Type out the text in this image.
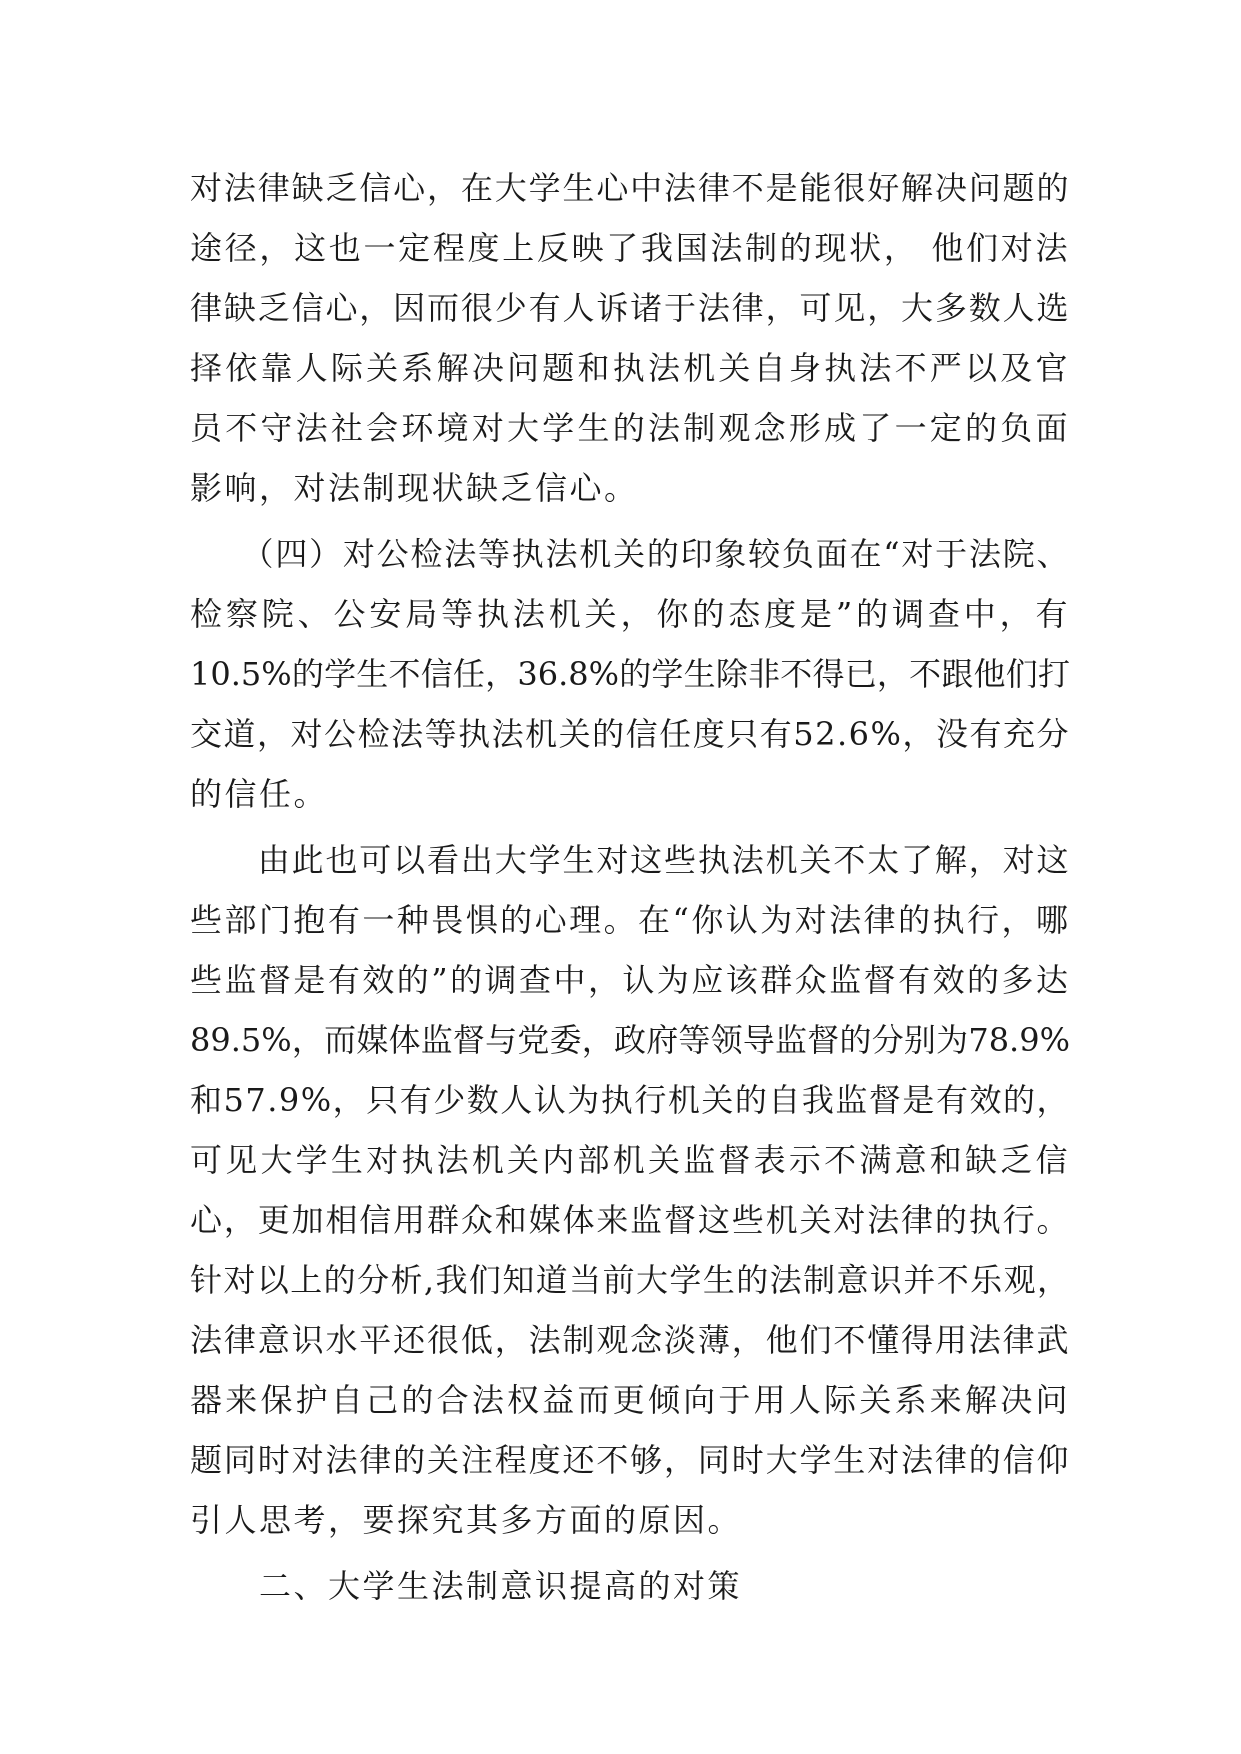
对法律缺乏信心，在大学生心中法律不是能很好解决问题的
途径，这也一定程度上反映了我国法制的现状， 他们对法
律缺乏信心，因而很少有人诉诸于法律，可见，大多数人选
择依靠人际关系解决问题和执法机关自身执法不严以及官
员不守法社会环境对大学生的法制观念形成了一定的负面
影响，对法制现状缺乏信心。
　　（四）对公检法等执法机关的印象较负面在“对于法院、
检察院、公安局等执法机关，你的态度是”的调查中，有
10.5%的学生不信任，36.8%的学生除非不得已，不跟他们打
交道，对公检法等执法机关的信任度只有52.6%，没有充分
的信任。
　　由此也可以看出大学生对这些执法机关不太了解，对这
些部门抱有一种畏惧的心理。在“你认为对法律的执行，哪
些监督是有效的”的调查中，认为应该群众监督有效的多达
89.5%，而媒体监督与党委，政府等领导监督的分别为78.9%
和57.9%，只有少数人认为执行机关的自我监督是有效的，
可见大学生对执法机关内部机关监督表示不满意和缺乏信
心，更加相信用群众和媒体来监督这些机关对法律的执行。
针对以上的分析,我们知道当前大学生的法制意识并不乐观，
法律意识水平还很低，法制观念淡薄，他们不懂得用法律武
器来保护自己的合法权益而更倾向于用人际关系来解决问
题同时对法律的关注程度还不够，同时大学生对法律的信仰
引人思考，要探究其多方面的原因。
　　二、大学生法制意识提高的对策
